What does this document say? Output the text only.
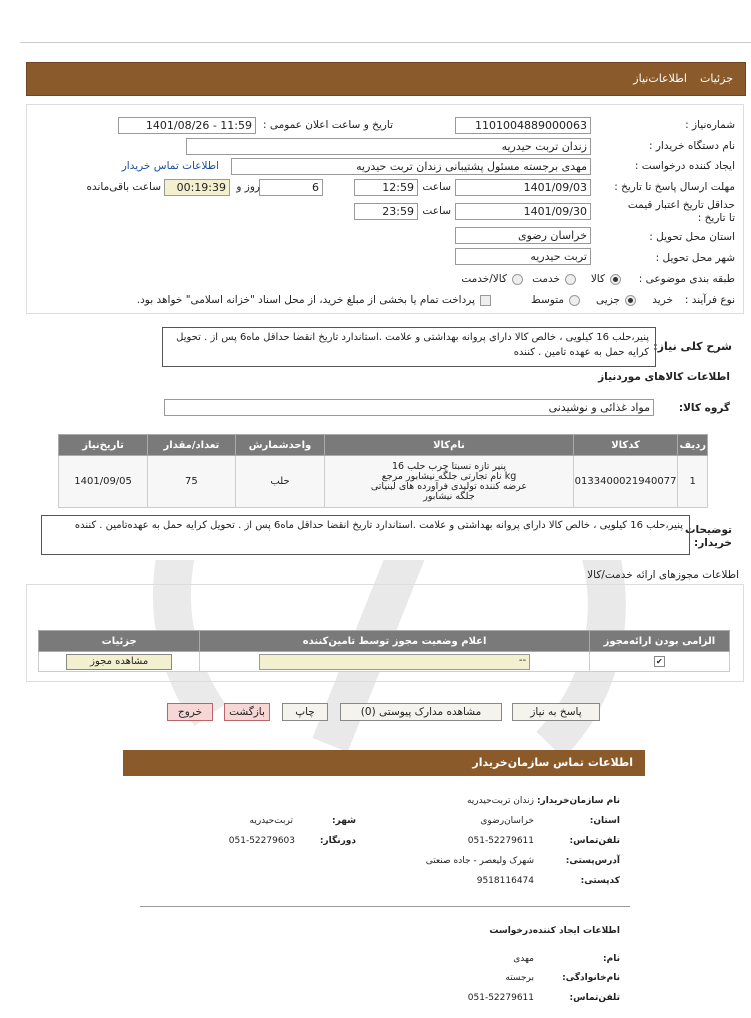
جزئیات
اطلاعات‌نیاز
شماره‌نیاز :
1101004889000063
تاریخ و ساعت اعلان عمومی :
1401/08/26 - 11:59
نام دستگاه خریدار :
زندان تربت حیدریه
ایجاد کننده درخواست :
مهدی برجسته مسئول پشتیبانی زندان تربت حیدریه
اطلاعات تماس خریدار
مهلت ارسال پاسخ تا تاریخ :
1401/09/03
ساعت
12:59
6
روز و
00:19:39
ساعت باقی‌مانده
حداقل تاریخ اعتبار قیمت تا تاریخ :
1401/09/30
ساعت
23:59
استان محل تحویل :
خراسان رضوی
شهر محل تحویل :
تربت حیدریه
طبقه بندی موضوعی :
کالا
خدمت
کالا/خدمت
نوع فرآیند :
خرید
جزیی
متوسط
پرداخت تمام یا بخشی از مبلغ خرید، از محل اسناد "خزانه اسلامی" خواهد بود.
شرح کلی نیاز:
پنیر،حلب 16 کیلویی ، خالص کالا دارای پروانه بهداشتی و علامت .استاندارد تاریخ انقضا حداقل ماه6 پس از . تحویل کرایه حمل به عهده تامین . کننده
اطلاعات کالاهای موردنیاز
گروه کالا:
مواد غذائی و نوشیدنی
توضیحات خریدار:
پنیر،حلب 16 کیلویی ، خالص کالا دارای پروانه بهداشتی و علامت .استاندارد تاریخ انقضا حداقل ماه6 پس از . تحویل کرایه حمل به عهده‌تامین . کننده
ردیف	کدکالا	نام‌کالا	واحدشمارش	تعداد/مقدار	تاریخ‌نیاز
1	0133400021940077	پنیر تازه نسبتا چرب حلب 16
kg نام تجارتی جلگه نیشابور مرجع
عرضه کننده تولیدی فرآورده های لبنیاتی
جلگه نیشابور	حلب	75	1401/09/05
اطلاعات مجوزهای ارائه خدمت/کالا
الزامی بودن ارائه‌مجوز	اعلام وضعیت مجوز توسط تامین‌کننده	جزئیات
✔	--	مشاهده مجوز
پاسخ به نیاز
مشاهده مدارک پیوستی (0)
چاپ
بازگشت
خروج
اطلاعات تماس سازمان‌خریدار
نام سازمان‌خریدار:
زندان تربت‌حیدریه
استان:
خراسان‌رضوی
شهر:
تربت‌حیدریه
تلفن‌تماس:
051-52279611
دورنگار:
051-52279603
آدرس‌پستی:
شهرک ولیعصر - جاده صنعتی
کدپستی:
9518116474
اطلاعات ایجاد کننده‌درخواست
نام:
مهدی
نام‌خانوادگی:
برجسته
تلفن‌تماس:
051-52279611
